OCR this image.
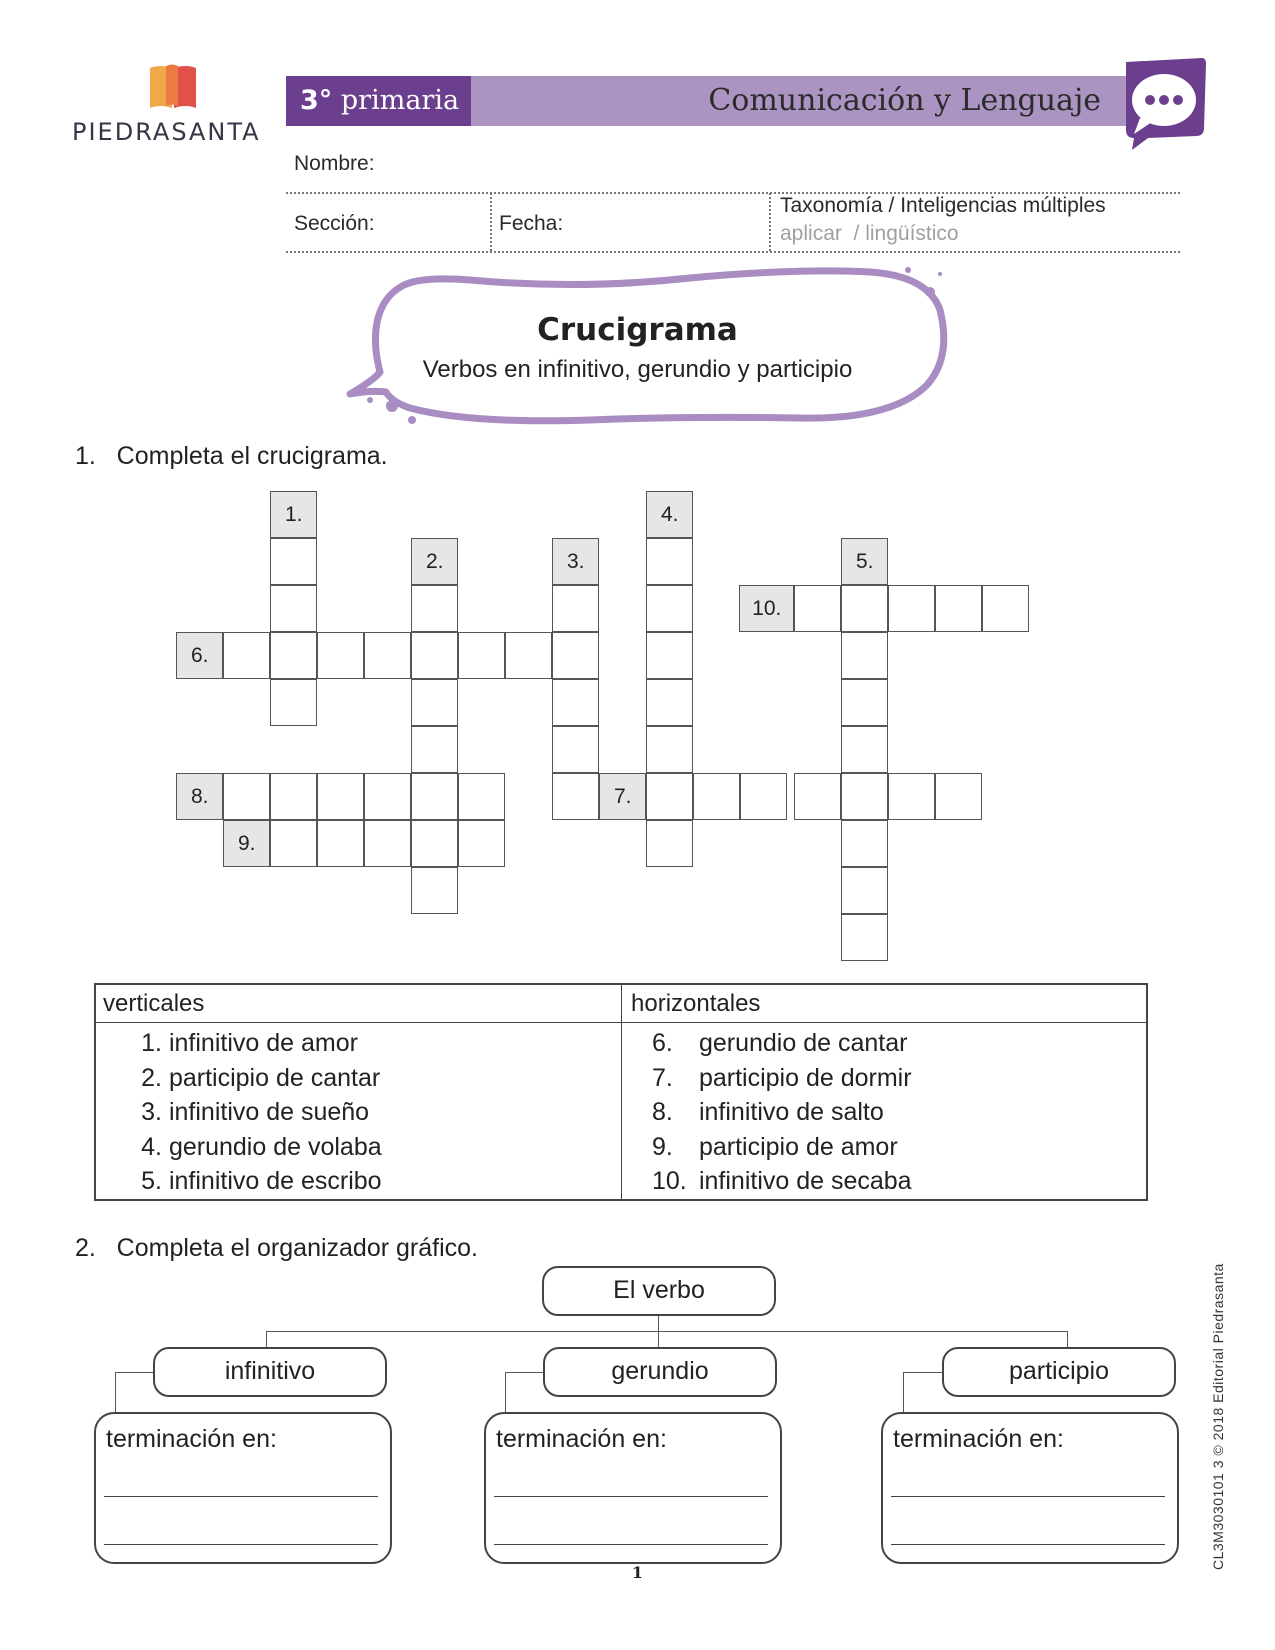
PIEDRASANTA
3° primaria	Comunicación y Lenguaje
Nombre:
Sección:	Fecha:
Taxonomía / Inteligencias múltiples
aplicar  / lingüístico
Crucigrama
Verbos en infinitivo, gerundio y participio
1.   Completa el crucigrama.
1.
2.	3.
4.
5.
6.
10.
7.
8.
9.
verticales	horizontales
1. infinitivo de amor
2. participio de cantar
3. infinitivo de sueño
4. gerundio de volaba
5. infinitivo de escribo
6. gerundio de cantar
7. participio de dormir
8. infinitivo de salto
9. participio de amor
10. infinitivo de secaba
2.   Completa el organizador gráfico.
El verbo
infinitivo
terminación en:
gerundio
terminación en:
participio
terminación en:
1
CL3M3030101 3 © 2018 Editorial Piedrasanta
